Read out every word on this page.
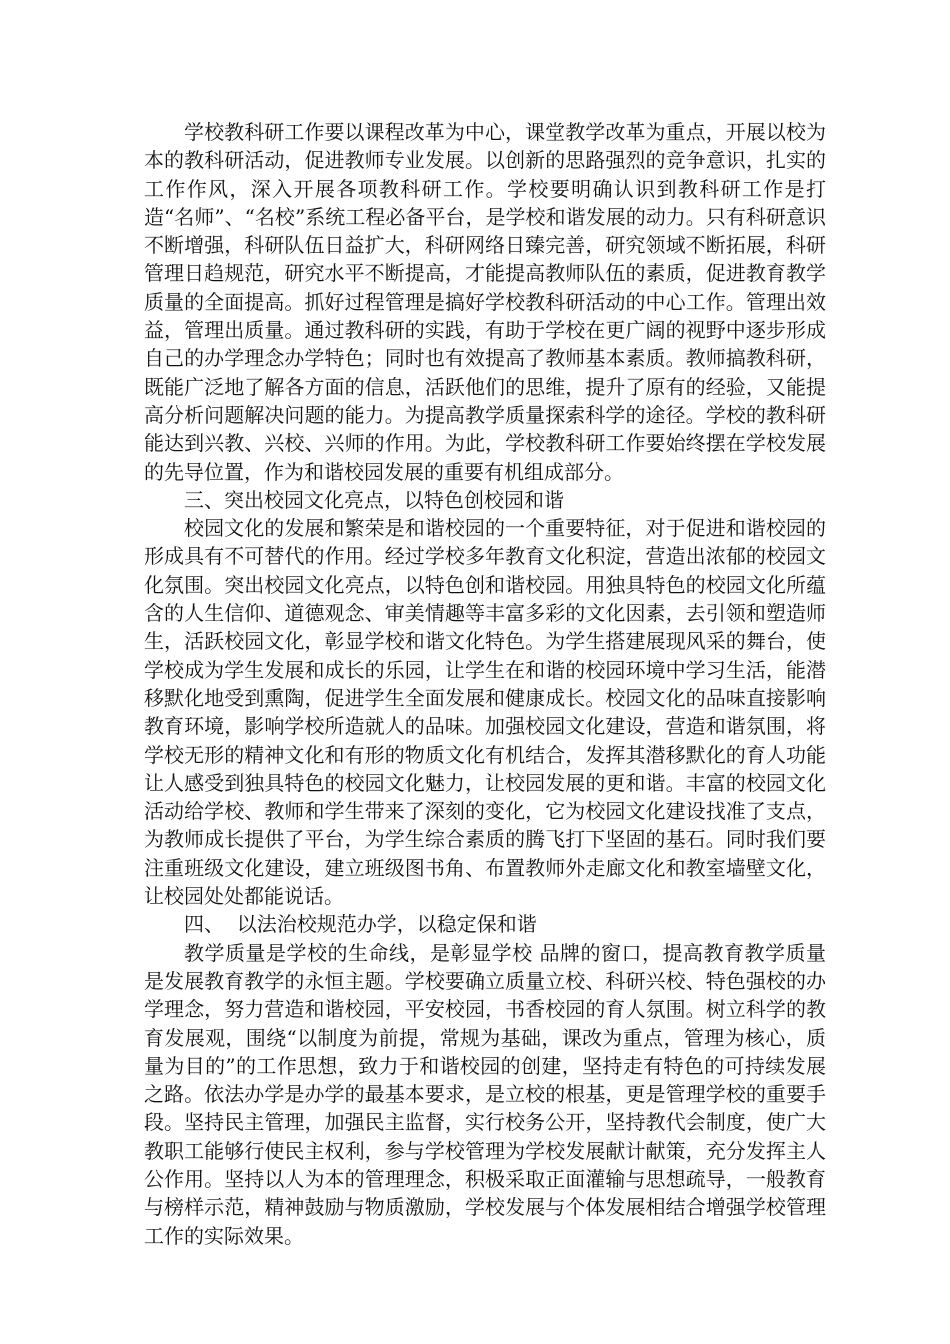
学校教科研工作要以课程改革为中心，课堂教学改革为重点，开展以校为本的教科研活动，促进教师专业发展。以创新的思路强烈的竞争意识，扎实的工作作风，深入开展各项教科研工作。学校要明确认识到教科研工作是打造“名师”、“名校”系统工程必备平台，是学校和谐发展的动力。只有科研意识不断增强，科研队伍日益扩大，科研网络日臻完善，研究领域不断拓展，科研管理日趋规范，研究水平不断提高，才能提高教师队伍的素质，促进教育教学质量的全面提高。抓好过程管理是搞好学校教科研活动的中心工作。管理出效益，管理出质量。通过教科研的实践，有助于学校在更广阔的视野中逐步形成自己的办学理念办学特色；同时也有效提高了教师基本素质。教师搞教科研，既能广泛地了解各方面的信息，活跃他们的思维，提升了原有的经验，又能提高分析问题解决问题的能力。为提高教学质量探索科学的途径。学校的教科研能达到兴教、兴校、兴师的作用。为此，学校教科研工作要始终摆在学校发展的先导位置，作为和谐校园发展的重要有机组成部分。

三、突出校园文化亮点，以特色创校园和谐

校园文化的发展和繁荣是和谐校园的一个重要特征，对于促进和谐校园的形成具有不可替代的作用。经过学校多年教育文化积淀，营造出浓郁的校园文化氛围。突出校园文化亮点，以特色创和谐校园。用独具特色的校园文化所蕴含的人生信仰、道德观念、审美情趣等丰富多彩的文化因素，去引领和塑造师生，活跃校园文化，彰显学校和谐文化特色。为学生搭建展现风采的舞台，使学校成为学生发展和成长的乐园，让学生在和谐的校园环境中学习生活，能潜移默化地受到熏陶，促进学生全面发展和健康成长。校园文化的品味直接影响教育环境，影响学校所造就人的品味。加强校园文化建设，营造和谐氛围，将学校无形的精神文化和有形的物质文化有机结合，发挥其潜移默化的育人功能让人感受到独具特色的校园文化魅力，让校园发展的更和谐。丰富的校园文化活动给学校、教师和学生带来了深刻的变化，它为校园文化建设找准了支点，为教师成长提供了平台，为学生综合素质的腾飞打下坚固的基石。同时我们要注重班级文化建设，建立班级图书角、布置教师外走廊文化和教室墙壁文化，让校园处处都能说话。

四、  以法治校规范办学，以稳定保和谐

教学质量是学校的生命线，是彰显学校 品牌的窗口，提高教育教学质量是发展教育教学的永恒主题。学校要确立质量立校、科研兴校、特色强校的办学理念，努力营造和谐校园，平安校园，书香校园的育人氛围。树立科学的教育发展观，围绕“以制度为前提，常规为基础，课改为重点，管理为核心，质量为目的”的工作思想，致力于和谐校园的创建，坚持走有特色的可持续发展之路。依法办学是办学的最基本要求，是立校的根基，更是管理学校的重要手段。坚持民主管理，加强民主监督，实行校务公开，坚持教代会制度，使广大教职工能够行使民主权利，参与学校管理为学校发展献计献策，充分发挥主人公作用。坚持以人为本的管理理念，积极采取正面灌输与思想疏导，一般教育与榜样示范，精神鼓励与物质激励，学校发展与个体发展相结合增强学校管理工作的实际效果。
